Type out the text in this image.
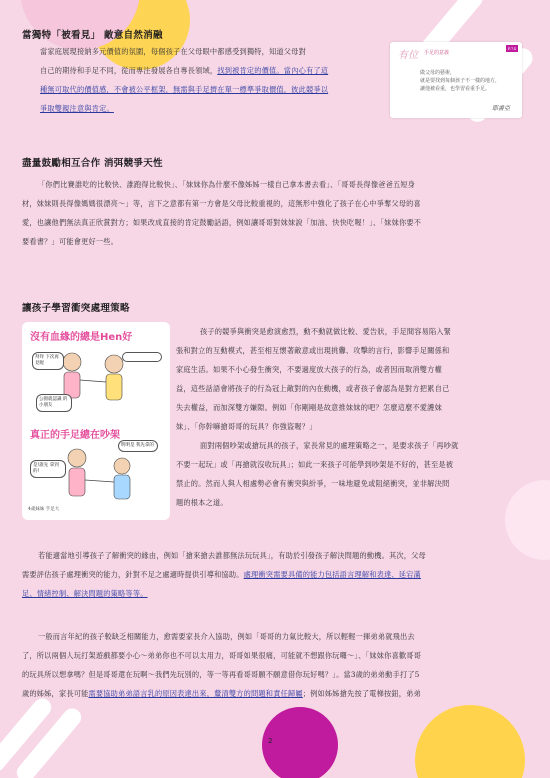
當獨特「被看見」 敵意自然消融
當家庭展現接納多元價值的氛圍，每個孩子在父母眼中都感受到獨特，知道父母對
自己的期待和手足不同，從而專注發展各自專長領域，找到被肯定的價值。當內心有了這
種無可取代的價值感，不會被公平框架，無需與手足擠在單一標準爭取價值，彼此競爭以
爭取雙親注意與肯定。
有位 手足的意義
P.74
做父母的藝術，
就是要找到每個孩子不一樣的地方，
讓他被看重，也學習看重手足。
耶書亞
盡量鼓勵相互合作 消弭競爭天性
「你們比賽誰吃的比較快、誰跑得比較快」、「妹妹你為什麼不像姊姊一樣自己拿本書去看」、「哥哥長得像爸爸五短身
材，妹妹則長得像媽媽很漂亮～」等，言下之意都有第一方會是父母比較重視的，這無形中強化了孩子在心中爭奪父母的喜
愛，也讓他們無法真正欣賞對方；如果改成直接的肯定鼓勵話語，例如讓哥哥對妹妹說「加油、快快吃喔！」、「妹妹你要不
要看書？」可能會更好一些。
讓孩子學習衝突處理策略
沒有血緣的總是Hen好
拜拜 下次再見喔
公園就認識 的小朋友
真正的手足總在吵架
明明是 我先拿的
是!誰先 拿到的!
4歲妹妹 手足大
孩子的競爭與衝突是愈演愈烈，動不動就做比較、愛告狀，手足間容易陷入緊
張和對立的互動模式，甚至相互懷著敵意或出現挑釁、攻擊的言行，影響手足關係和
家庭生活。如果不小心發生衝突，不要過度放大孩子的行為，或者因而取消雙方權
益，這些話語會將孩子的行為冠上敵對的內在動機，或者孩子會認為是對方把累自己
失去權益，而加深雙方嫌隙。例如「你剛剛是故意推妹妹的吧？怎麼這麼不愛護妹
妹」、「你幹嘛搶哥哥的玩具？你強盜喔？」
面對兩個吵架或搶玩具的孩子，家長常見的處理策略之一，是要求孩子「再吵就
不要一起玩」或「再搶就沒收玩具」；如此一來孩子可能學到吵架是不好的，甚至是被
禁止的。然而人與人相處勢必會有衝突與紛爭，一味地避免或阻絕衝突，並非解決問
題的根本之道。
若能適當地引導孩子了解衝突的緣由，例如「搶來搶去誰都無法玩玩具」，有助於引發孩子解決問題的動機。其次，父母
需要評估孩子處理衝突的能力，針對不足之處適時提供引導和協助。處理衝突需要具備的能力包括語言理解和表達、延宕滿
足、情緒控制、解決問題的策略等等。
一般而言年紀的孩子較缺乏相關能力，愈需要家長介入協助，例如「哥哥的力氣比較大，所以輕輕一揮弟弟就飛出去
了，所以兩個人玩打架遊戲都要小心～弟弟你也不可以太用力，哥哥如果很痛，可能就不想跟你玩囉～」、「妹妹你喜歡哥哥
的玩具所以想拿嗎？但是哥哥還在玩啊～我們先玩別的，等一等再看哥哥願不願意借你玩好嗎？」。當3歲的弟弟動手打了5
歲的姊姊，家長可能需要協助弟弟語言乳的原因表達出來，釐清雙方的問題和責任歸屬；例如姊姊搶先按了電梯按鈕，弟弟
2
